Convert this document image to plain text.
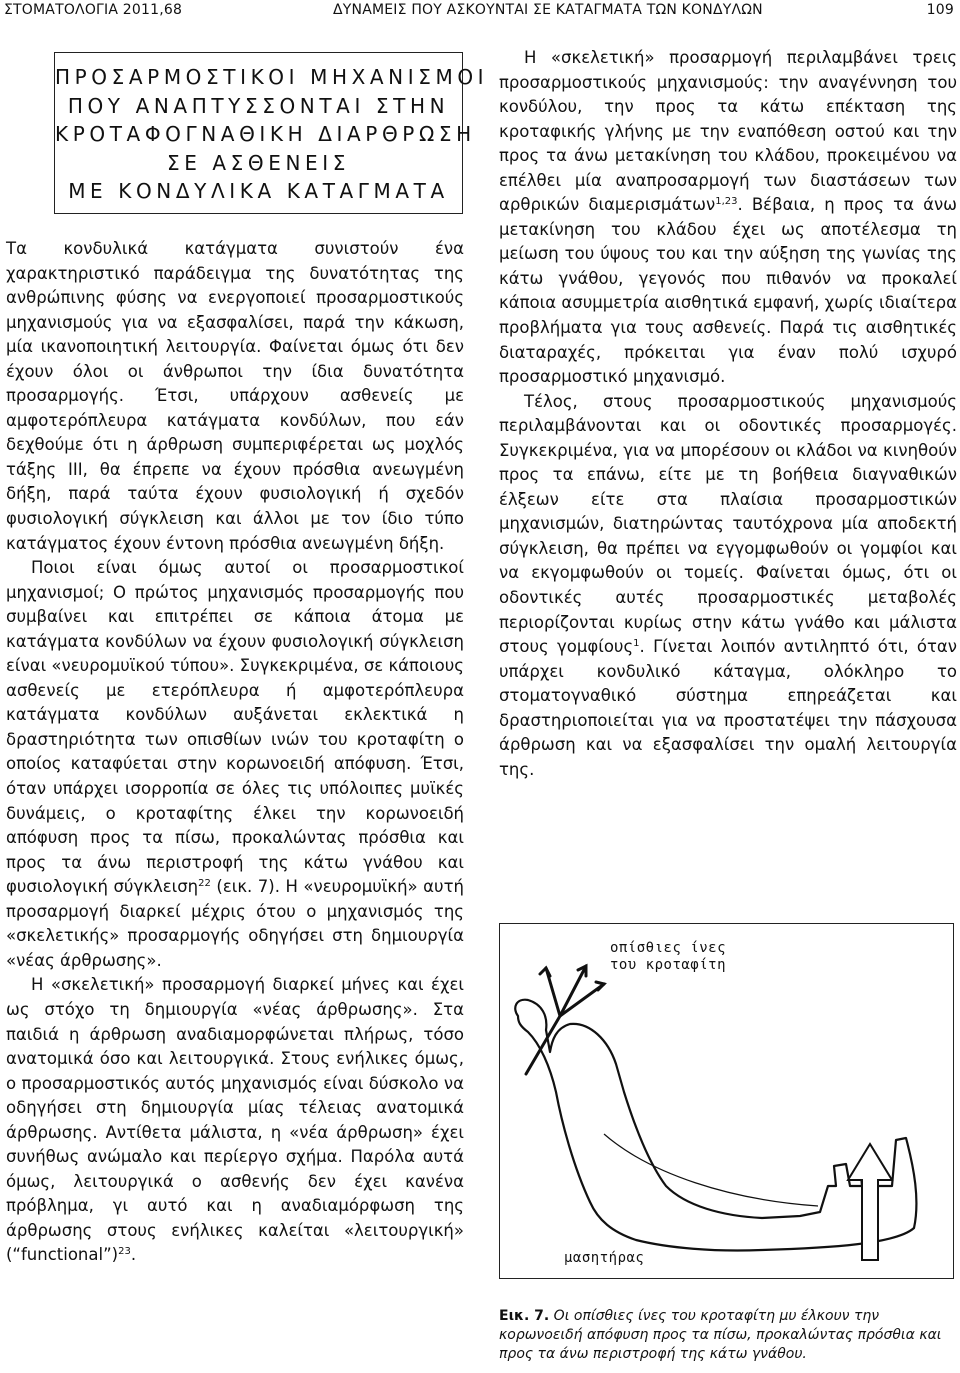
ΣΤΟΜΑΤΟΛΟΓΙΑ 2011,68	ΔΥΝΑΜΕΙΣ ΠΟΥ ΑΣΚΟΥΝΤΑΙ ΣΕ ΚΑΤΑΓΜΑΤΑ ΤΩΝ ΚΟΝΔΥΛΩΝ	109
ΠΡΟΣΑΡΜΟΣΤΙΚΟΙ ΜΗΧΑΝΙΣΜΟΙ
ΠΟΥ ΑΝΑΠΤΥΣΣΟΝΤΑΙ ΣΤΗΝ
ΚΡΟΤΑΦΟΓΝΑΘΙΚΗ ΔΙΑΡΘΡΩΣΗ
ΣΕ ΑΣΘΕΝΕΙΣ
ΜΕ ΚΟΝΔΥΛΙΚΑ ΚΑΤΑΓΜΑΤΑ

Τα κονδυλικά κατάγματα συνιστούν ένα χαρακτηριστικό παράδειγμα της δυνατότητας της ανθρώπινης φύσης να ενεργοποιεί προσαρμοστικούς μηχανισμούς για να εξασφαλίσει, παρά την κάκωση, μία ικανοποιητική λειτουργία. Φαίνεται όμως ότι δεν έχουν όλοι οι άνθρωποι την ίδια δυνατότητα προσαρμογής. Έτσι, υπάρχουν ασθενείς με αμφοτερόπλευρα κατάγματα κονδύλων, που εάν δεχθούμε ότι η άρθρωση συμπεριφέρεται ως μοχλός τάξης ΙΙΙ, θα έπρεπε να έχουν πρόσθια ανεωγμένη δήξη, παρά ταύτα έχουν φυσιολογική ή σχεδόν φυσιολογική σύγκλειση και άλλοι με τον ίδιο τύπο κατάγματος έχουν έντονη πρόσθια ανεωγμένη δήξη.

Ποιοι είναι όμως αυτοί οι προσαρμοστικοί μηχανισμοί; Ο πρώτος μηχανισμός προσαρμογής που συμβαίνει και επιτρέπει σε κάποια άτομα με κατάγματα κονδύλων να έχουν φυσιολογική σύγκλειση είναι «νευρομυϊκού τύπου». Συγκεκριμένα, σε κάποιους ασθενείς με ετερόπλευρα ή αμφοτερόπλευρα κατάγματα κονδύλων αυξάνεται εκλεκτικά η δραστηριότητα των οπισθίων ινών του κροταφίτη ο οποίος καταφύεται στην κορωνοειδή απόφυση. Έτσι, όταν υπάρχει ισορροπία σε όλες τις υπόλοιπες μυϊκές δυνάμεις, ο κροταφίτης έλκει την κορωνοειδή απόφυση προς τα πίσω, προκαλώντας πρόσθια και προς τα άνω περιστροφή της κάτω γνάθου και φυσιολογική σύγκλειση$^{22}$ (εικ. 7). Η «νευρομυϊκή» αυτή προσαρμογή διαρκεί μέχρις ότου ο μηχανισμός της «σκελετικής» προσαρμογής οδηγήσει στη δημιουργία «νέας άρθρωσης».

Η «σκελετική» προσαρμογή διαρκεί μήνες και έχει ως στόχο τη δημιουργία «νέας άρθρωσης». Στα παιδιά η άρθρωση αναδιαμορφώνεται πλήρως, τόσο ανατομικά όσο και λειτουργικά. Στους ενήλικες όμως, ο προσαρμοστικός αυτός μηχανισμός είναι δύσκολο να οδηγήσει στη δημιουργία μίας τέλειας ανατομικά άρθρωσης. Αντίθετα μάλιστα, η «νέα άρθρωση» έχει συνήθως ανώμαλο και περίεργο σχήμα. Παρόλα αυτά όμως, λειτουργικά ο ασθενής δεν έχει κανένα πρόβλημα, γι αυτό και η αναδιαμόρφωση της άρθρωσης στους ενήλικες καλείται «λειτουργική» (“functional”)$^{23}$.

Η «σκελετική» προσαρμογή περιλαμβάνει τρεις προσαρμοστικούς μηχανισμούς: την αναγέννηση του κονδύλου, την προς τα κάτω επέκταση της κροταφικής γλήνης με την εναπόθεση οστού και την προς τα άνω μετακίνηση του κλάδου, προκειμένου να επέλθει μία αναπροσαρμογή των διαστάσεων των αρθρικών διαμερισμάτων$^{1,23}$. Βέβαια, η προς τα άνω μετακίνηση του κλάδου έχει ως αποτέλεσμα τη μείωση του ύψους του και την αύξηση της γωνίας της κάτω γνάθου, γεγονός που πιθανόν να προκαλεί κάποια ασυμμετρία αισθητικά εμφανή, χωρίς ιδιαίτερα προβλήματα για τους ασθενείς. Παρά τις αισθητικές διαταραχές, πρόκειται για έναν πολύ ισχυρό προσαρμοστικό μηχανισμό.

Τέλος, στους προσαρμοστικούς μηχανισμούς περιλαμβάνονται και οι οδοντικές προσαρμογές. Συγκεκριμένα, για να μπορέσουν οι κλάδοι να κινηθούν προς τα επάνω, είτε με τη βοήθεια διαγναθικών έλξεων είτε στα πλαίσια προσαρμοστικών μηχανισμών, διατηρώντας ταυτόχρονα μία αποδεκτή σύγκλειση, θα πρέπει να εγγομφωθούν οι γομφίοι και να εκγομφωθούν οι τομείς. Φαίνεται όμως, ότι οι οδοντικές αυτές προσαρμοστικές μεταβολές περιορίζονται κυρίως στην κάτω γνάθο και μάλιστα στους γομφίους$^1$. Γίνεται λοιπόν αντιληπτό ότι, όταν υπάρχει κονδυλικό κάταγμα, ολόκληρο το στοματογναθικό σύστημα επηρεάζεται και δραστηριοποιείται για να προστατέψει την πάσχουσα άρθρωση και να εξασφαλίσει την ομαλή λειτουργία της.

οπίσθιες ίνες του κροταφίτη
μασητήρας
Εικ. 7. Οι οπίσθιες ίνες του κροταφίτη μυ έλκουν την κορωνοειδή απόφυση προς τα πίσω, προκαλώντας πρόσθια και προς τα άνω περιστροφή της κάτω γνάθου.
